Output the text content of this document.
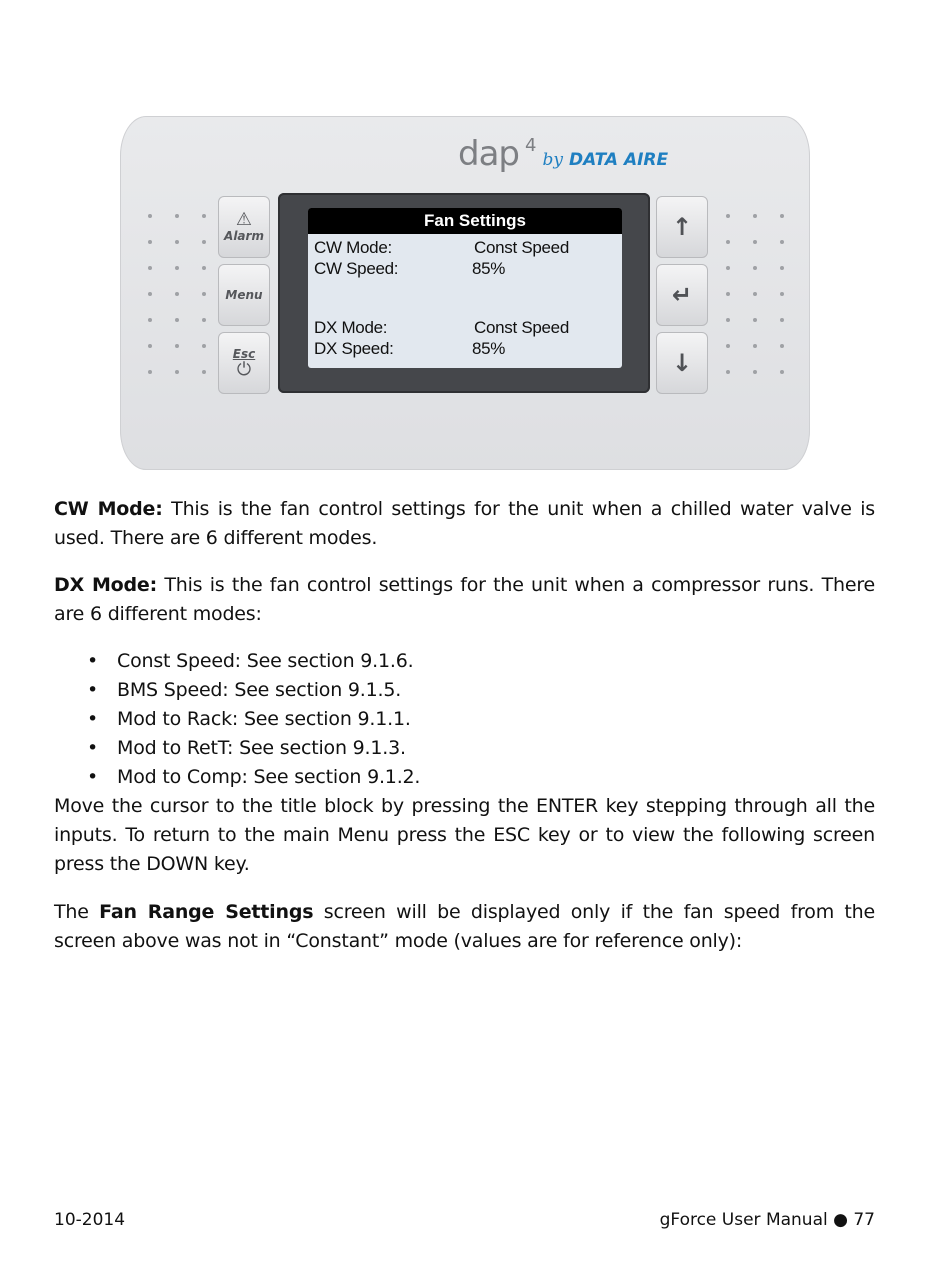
dap 4
by DATA AIRE
⚠
Alarm
Menu
Esc
⏻
Fan Settings
CW Mode:	Const Speed
CW Speed:	85%
DX Mode:	Const Speed
DX Speed:	85%
↑
↵
↓

CW Mode: This is the fan control settings for the unit when a chilled water valve is used. There are 6 different modes.

DX Mode: This is the fan control settings for the unit when a compressor runs. There are 6 different modes:

• Const Speed: See section 9.1.6.
• BMS Speed: See section 9.1.5.
• Mod to Rack: See section 9.1.1.
• Mod to RetT: See section 9.1.3.
• Mod to Comp: See section 9.1.2.

Move the cursor to the title block by pressing the ENTER key stepping through all the inputs. To return to the main Menu press the ESC key or to view the following screen press the DOWN key.

The Fan Range Settings screen will be displayed only if the fan speed from the screen above was not in “Constant” mode (values are for reference only):

10-2014	gForce User Manual ● 77
